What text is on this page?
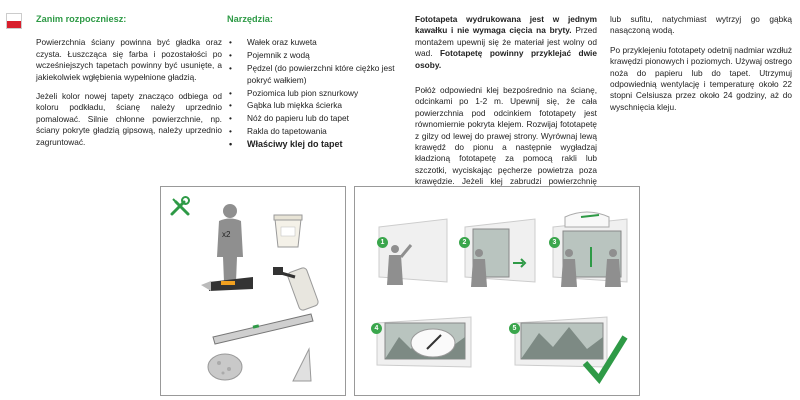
Zanim rozpoczniesz:

Powierzchnia ściany powinna być gładka oraz czysta. Łuszcząca się farba i pozostałości po wcześniejszych tapetach powinny być usunięte, a jakiekolwiek wgłębienia wypełnione gładzią.

Jeżeli kolor nowej tapety znacząco odbiega od koloru podkładu, ścianę należy uprzednio pomalować. Silnie chłonne powierzchnie, np. ściany pokryte gładzią gipsową, należy uprzednio zagruntować.

Narzędzia:
• Wałek oraz kuweta
• Pojemnik z wodą
• Pędzel (do powierzchni które ciężko jest pokryć wałkiem)
• Poziomica lub pion sznurkowy
• Gąbka lub miękka ścierka
• Nóż do papieru lub do tapet
• Rakla do tapetowania
• Właściwy klej do tapet

Fototapeta wydrukowana jest w jednym kawałku i nie wymaga cięcia na bryty. Przed montażem upewnij się że materiał jest wolny od wad. Fototapetę powinny przyklejać dwie osoby.

Połóż odpowiedni klej bezpośrednio na ścianę, odcinkami po 1-2 m. Upewnij się, że cała powierzchnia pod odcinkiem fototapety jest równomiernie pokryta klejem. Rozwijaj fototapetę z gilzy od lewej do prawej strony. Wyrównaj lewą krawędź do pionu a następnie wygładzaj kładzioną fototapetę za pomocą rakli lub szczotki, wyciskając pęcherze powietrza poza krawędzie. Jeżeli klej zabrudzi powierzchnię

lub sufitu, natychmiast wytrzyj go gąbką nasączoną wodą.

Po przyklejeniu fototapety odetnij nadmiar wzdłuż krawędzi pionowych i poziomych. Używaj ostrego noża do papieru lub do tapet. Utrzymuj odpowiednią wentylację i temperaturę około 22 stopni Celsiusza przez około 24 godziny, aż do wyschnięcia kleju.

x2
1	2	3
4	5
